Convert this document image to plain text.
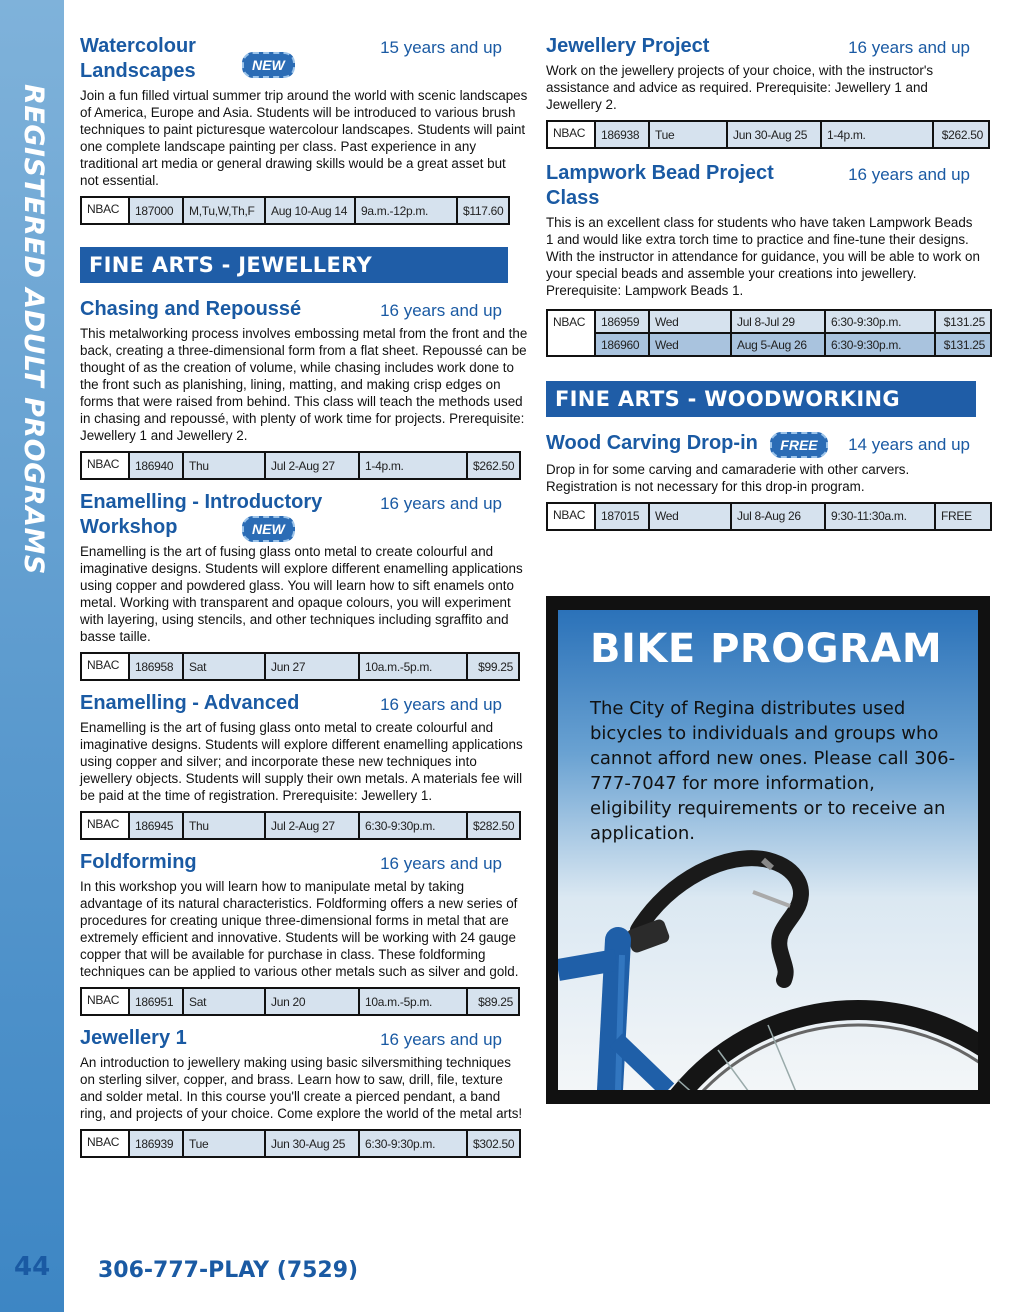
REGISTERED ADULT PROGRAMS
44 306-777-PLAY (7529)
Watercolour
Landscapes	NEW
15 years and up
Join a fun filled virtual summer trip around the world with scenic landscapes of America, Europe and Asia. Students will be introduced to various brush techniques to paint picturesque watercolour landscapes. Students will paint one complete landscape painting per class. Past experience in any traditional art media or general drawing skills would be a great asset but not essential.
NBAC	187000	M,Tu,W,Th,F	Aug 10-Aug 14	9a.m.-12p.m.	$117.60
FINE ARTS - JEWELLERY
Chasing and Repoussé	16 years and up
This metalworking process involves embossing metal from the front and the back, creating a three-dimensional form from a flat sheet. Repoussé can be thought of as the creation of volume, while chasing includes work done to the front such as planishing, lining, matting, and making crisp edges on forms that were raised from behind. This class will teach the methods used in chasing and repoussé, with plenty of work time for projects. Prerequisite: Jewellery 1 and Jewellery 2.
NBAC	186940	Thu	Jul 2-Aug 27	1-4p.m.	$262.50
Enamelling - Introductory
Workshop	NEW
16 years and up
Enamelling is the art of fusing glass onto metal to create colourful and imaginative designs. Students will explore different enamelling applications using copper and powdered glass. You will learn how to sift enamels onto metal. Working with transparent and opaque colours, you will experiment with layering, using stencils, and other techniques including sgraffito and basse taille.
NBAC	186958	Sat	Jun 27	10a.m.-5p.m.	$99.25
Enamelling - Advanced	16 years and up
Enamelling is the art of fusing glass onto metal to create colourful and imaginative designs. Students will explore different enamelling applications using copper and silver; and incorporate these new techniques into jewellery objects. Students will supply their own metals. A materials fee will be paid at the time of registration. Prerequisite: Jewellery 1.
NBAC	186945	Thu	Jul 2-Aug 27	6:30-9:30p.m.	$282.50
Foldforming	16 years and up
In this workshop you will learn how to manipulate metal by taking advantage of its natural characteristics. Foldforming offers a new series of procedures for creating unique three-dimensional forms in metal that are extremely efficient and innovative. Students will be working with 24 gauge copper that will be available for purchase in class. These foldforming techniques can be applied to various other metals such as silver and gold.
NBAC	186951	Sat	Jun 20	10a.m.-5p.m.	$89.25
Jewellery 1	16 years and up
An introduction to jewellery making using basic silversmithing techniques on sterling silver, copper, and brass. Learn how to saw, drill, file, texture and solder metal. In this course you'll create a pierced pendant, a band ring, and projects of your choice. Come explore the world of the metal arts!
NBAC	186939	Tue	Jun 30-Aug 25	6:30-9:30p.m.	$302.50
Jewellery Project	16 years and up
Work on the jewellery projects of your choice, with the instructor's assistance and advice as required. Prerequisite: Jewellery 1 and Jewellery 2.
NBAC	186938	Tue	Jun 30-Aug 25	1-4p.m.	$262.50
Lampwork Bead Project
Class
16 years and up
This is an excellent class for students who have taken Lampwork Beads 1 and would like extra torch time to practice and fine-tune their designs. With the instructor in attendance for guidance, you will be able to work on your special beads and assemble your creations into jewellery. Prerequisite: Lampwork Beads 1.
NBAC	186959	Wed	Jul 8-Jul 29	6:30-9:30p.m.	$131.25
	186960	Wed	Aug 5-Aug 26	6:30-9:30p.m.	$131.25
FINE ARTS - WOODWORKING
Wood Carving Drop-in FREE 14 years and up
Drop in for some carving and camaraderie with other carvers. Registration is not necessary for this drop-in program.
NBAC	187015	Wed	Jul 8-Aug 26	9:30-11:30a.m.	FREE
BIKE PROGRAM
The City of Regina distributes used bicycles to individuals and groups who cannot afford new ones. Please call 306-777-7047 for more information, eligibility requirements or to receive an application.
